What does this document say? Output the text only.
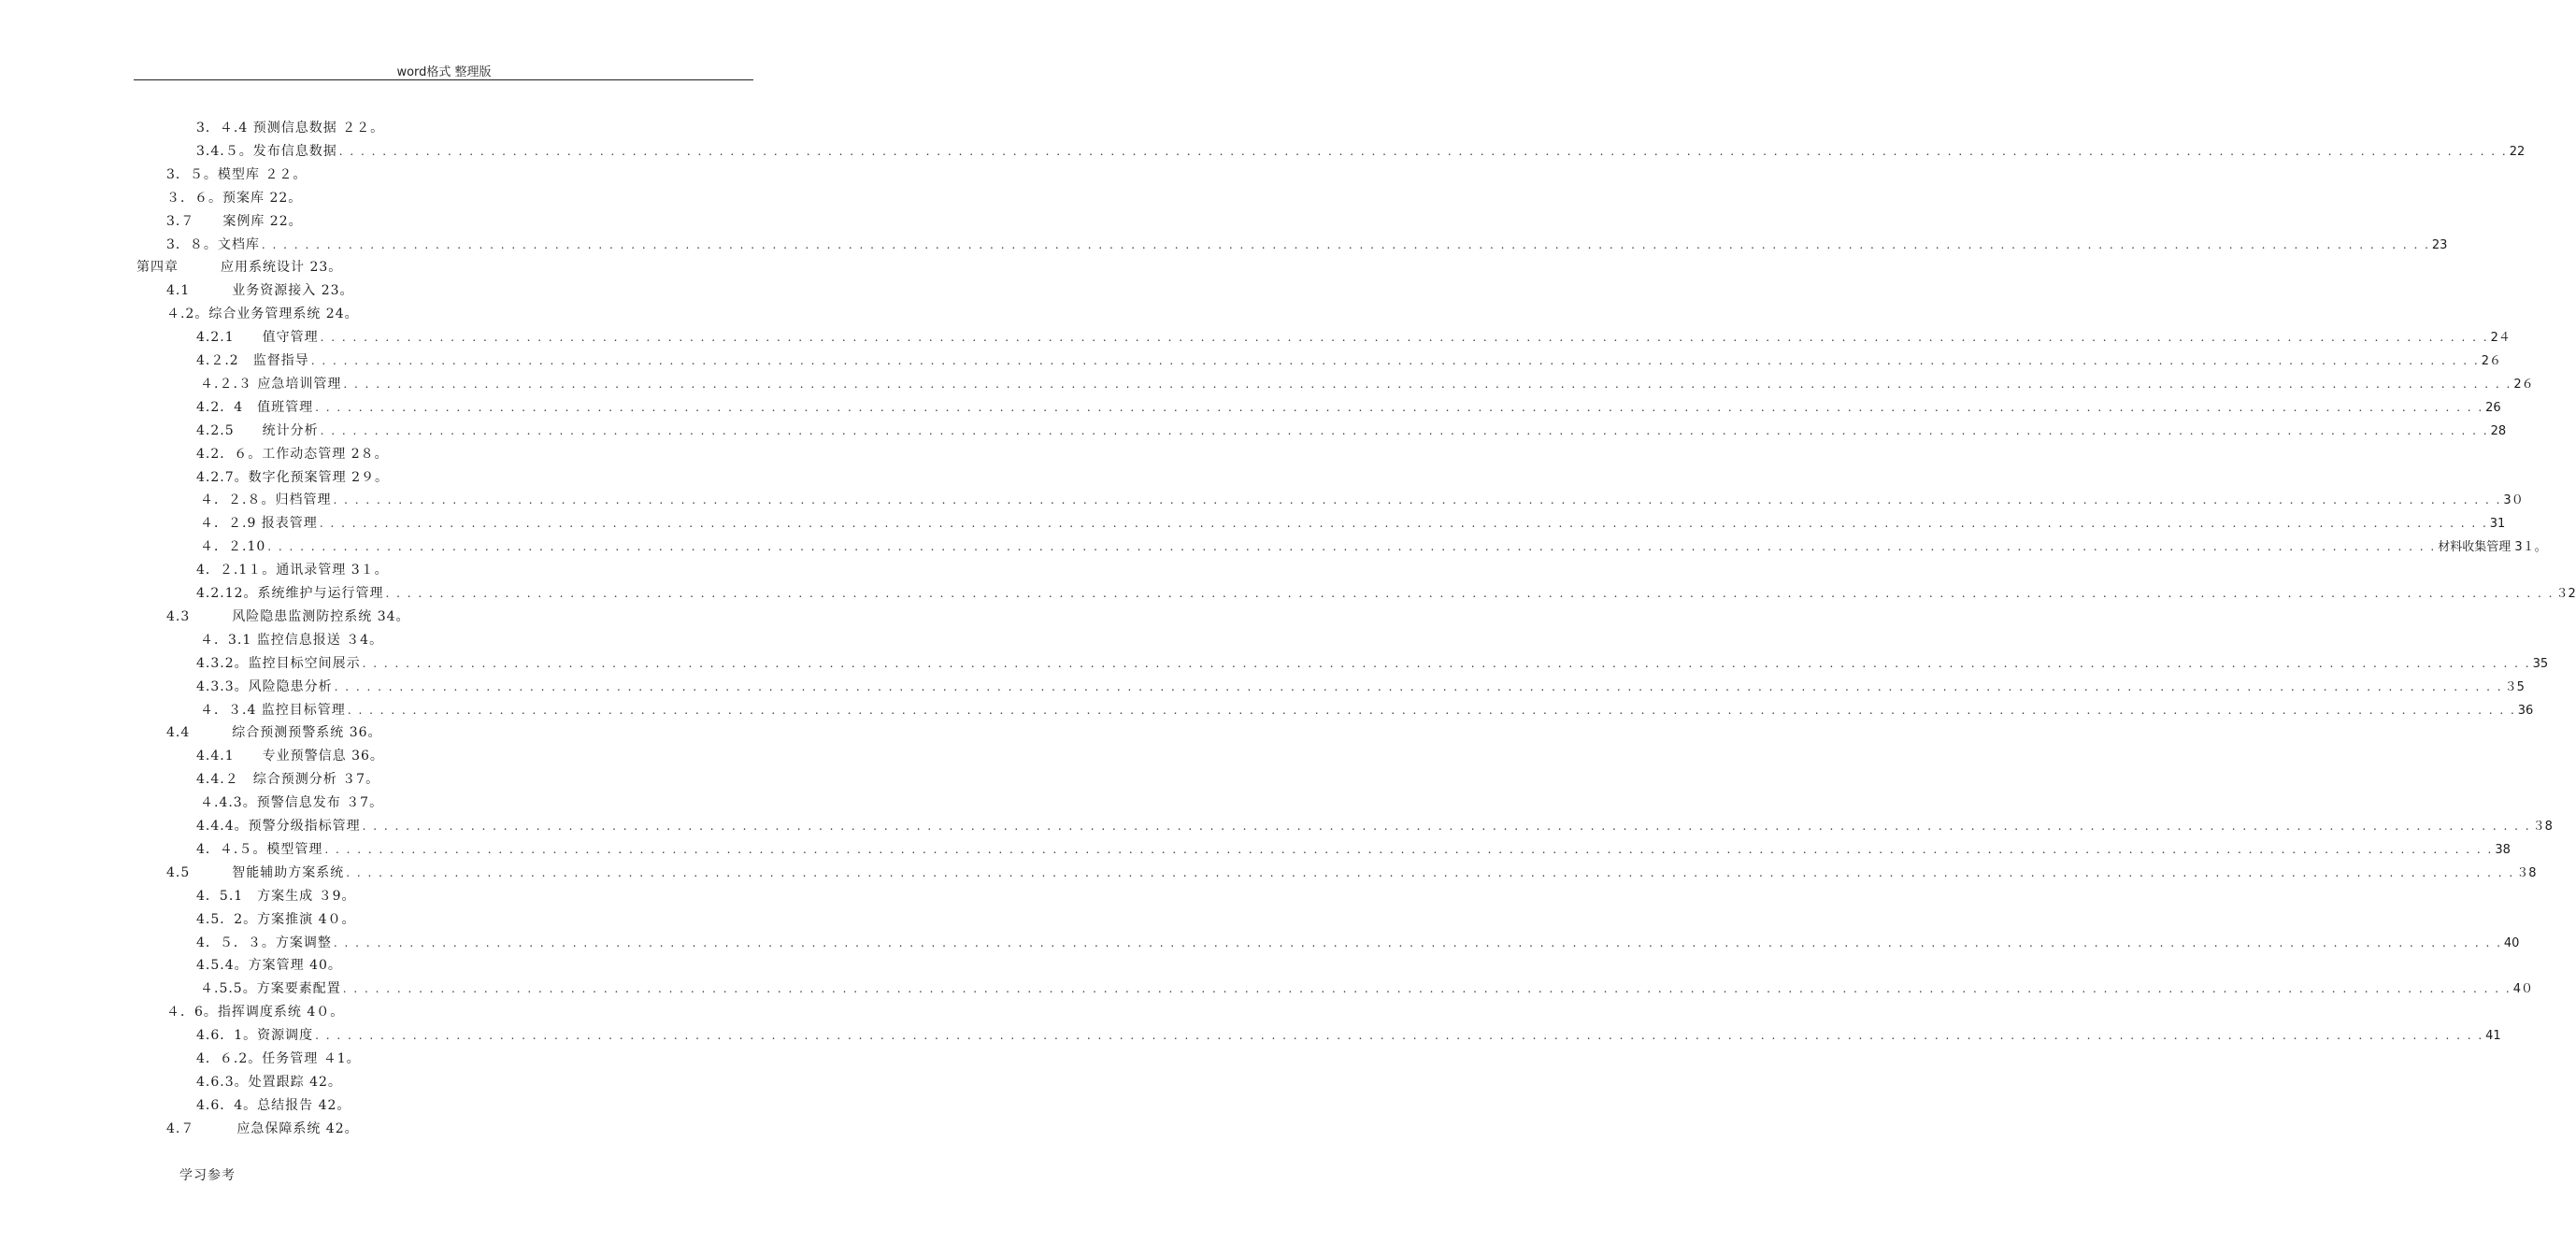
word格式 整理版
3．４.4 预测信息数据 ２２。
3.4.５。发布信息数据 . . . . . . . . . . . . . . . . . . . . . . . . . . . . . . . . . . . . . . . . . . . . . . . . . . . . . . . . . . . . . . . . . . . . . . . . . . . . . . . . . . . . . . . . . . . . . . . . . . . . . . . . . . . . . . . . . . . . . . . . . . . . . . . . . . . . . . . . . . . . . . . . . . . . . . . . . . . . . . . . . . . . . . . . . . . . . . . . . . . . . . . . . . . . . . . . . . . . . . . . 22
3．５。模型库 ２２。
３．６。预案库 22。
3.７　　案例库 22。
3．８。文档库 . . . . . . . . . . . . . . . . . . . . . . . . . . . . . . . . . . . . . . . . . . . . . . . . . . . . . . . . . . . . . . . . . . . . . . . . . . . . . . . . . . . . . . . . . . . . . . . . . . . . . . . . . . . . . . . . . . . . . . . . . . . . . . . . . . . . . . . . . . . . . . . . . . . . . . . . . . . . . . . . . . . . . . . . . . . . . . . . . . . . . . . . . . . . . . . . . . . . . . . . 23
第四章　　　应用系统设计 23。
4.1　　　业务资源接入 23。
４.2。综合业务管理系统 24。
4.2.1　　值守管理 . . . . . . . . . . . . . . . . . . . . . . . . . . . . . . . . . . . . . . . . . . . . . . . . . . . . . . . . . . . . . . . . . . . . . . . . . . . . . . . . . . . . . . . . . . . . . . . . . . . . . . . . . . . . . . . . . . . . . . . . . . . . . . . . . . . . . . . . . . . . . . . . . . . . . . . . . . . . . . . . . . . . . . . . . . . . . . . . . . . . . . . . . . . . . . . . . . . . . . . . 2４
4.２.2　监督指导 . . . . . . . . . . . . . . . . . . . . . . . . . . . . . . . . . . . . . . . . . . . . . . . . . . . . . . . . . . . . . . . . . . . . . . . . . . . . . . . . . . . . . . . . . . . . . . . . . . . . . . . . . . . . . . . . . . . . . . . . . . . . . . . . . . . . . . . . . . . . . . . . . . . . . . . . . . . . . . . . . . . . . . . . . . . . . . . . . . . . . . . . . . . . . . . . . . . . . . . . 2６
４.２.３ 应急培训管理 . . . . . . . . . . . . . . . . . . . . . . . . . . . . . . . . . . . . . . . . . . . . . . . . . . . . . . . . . . . . . . . . . . . . . . . . . . . . . . . . . . . . . . . . . . . . . . . . . . . . . . . . . . . . . . . . . . . . . . . . . . . . . . . . . . . . . . . . . . . . . . . . . . . . . . . . . . . . . . . . . . . . . . . . . . . . . . . . . . . . . . . . . . . . . . . . . . . . . . . . 2６
4.2．4　值班管理 . . . . . . . . . . . . . . . . . . . . . . . . . . . . . . . . . . . . . . . . . . . . . . . . . . . . . . . . . . . . . . . . . . . . . . . . . . . . . . . . . . . . . . . . . . . . . . . . . . . . . . . . . . . . . . . . . . . . . . . . . . . . . . . . . . . . . . . . . . . . . . . . . . . . . . . . . . . . . . . . . . . . . . . . . . . . . . . . . . . . . . . . . . . . . . . . . . . . . . . . 26
4.2.5　　统计分析 . . . . . . . . . . . . . . . . . . . . . . . . . . . . . . . . . . . . . . . . . . . . . . . . . . . . . . . . . . . . . . . . . . . . . . . . . . . . . . . . . . . . . . . . . . . . . . . . . . . . . . . . . . . . . . . . . . . . . . . . . . . . . . . . . . . . . . . . . . . . . . . . . . . . . . . . . . . . . . . . . . . . . . . . . . . . . . . . . . . . . . . . . . . . . . . . . . . . . . . . 28
4.2．６。工作动态管理 2８。
4.2.7。数字化预案管理 2９。
４．２.８。归档管理 . . . . . . . . . . . . . . . . . . . . . . . . . . . . . . . . . . . . . . . . . . . . . . . . . . . . . . . . . . . . . . . . . . . . . . . . . . . . . . . . . . . . . . . . . . . . . . . . . . . . . . . . . . . . . . . . . . . . . . . . . . . . . . . . . . . . . . . . . . . . . . . . . . . . . . . . . . . . . . . . . . . . . . . . . . . . . . . . . . . . . . . . . . . . . . . . . . . . . . . . 3０
４．２.9 报表管理 . . . . . . . . . . . . . . . . . . . . . . . . . . . . . . . . . . . . . . . . . . . . . . . . . . . . . . . . . . . . . . . . . . . . . . . . . . . . . . . . . . . . . . . . . . . . . . . . . . . . . . . . . . . . . . . . . . . . . . . . . . . . . . . . . . . . . . . . . . . . . . . . . . . . . . . . . . . . . . . . . . . . . . . . . . . . . . . . . . . . . . . . . . . . . . . . . . . . . . . . 31
４．２.10 . . . . . . . . . . . . . . . . . . . . . . . . . . . . . . . . . . . . . . . . . . . . . . . . . . . . . . . . . . . . . . . . . . . . . . . . . . . . . . . . . . . . . . . . . . . . . . . . . . . . . . . . . . . . . . . . . . . . . . . . . . . . . . . . . . . . . . . . . . . . . . . . . . . . . . . . . . . . . . . . . . . . . . . . . . . . . . . . . . . . . . . . . . . . . . . . . . . . . . . . 材料收集管理 3１。
4．２.1１。通讯录管理 3１。
4.2.12。系统维护与运行管理 . . . . . . . . . . . . . . . . . . . . . . . . . . . . . . . . . . . . . . . . . . . . . . . . . . . . . . . . . . . . . . . . . . . . . . . . . . . . . . . . . . . . . . . . . . . . . . . . . . . . . . . . . . . . . . . . . . . . . . . . . . . . . . . . . . . . . . . . . . . . . . . . . . . . . . . . . . . . . . . . . . . . . . . . . . . . . . . . . . . . . . . . . . . . . . . . . . . . . . . . ３2
4.3　　　风险隐患监测防控系统 34。
４．3.1 监控信息报送 ３4。
4.3.2。监控目标空间展示 . . . . . . . . . . . . . . . . . . . . . . . . . . . . . . . . . . . . . . . . . . . . . . . . . . . . . . . . . . . . . . . . . . . . . . . . . . . . . . . . . . . . . . . . . . . . . . . . . . . . . . . . . . . . . . . . . . . . . . . . . . . . . . . . . . . . . . . . . . . . . . . . . . . . . . . . . . . . . . . . . . . . . . . . . . . . . . . . . . . . . . . . . . . . . . . . . . . . . . . . 35
4.3.3。风险隐患分析 . . . . . . . . . . . . . . . . . . . . . . . . . . . . . . . . . . . . . . . . . . . . . . . . . . . . . . . . . . . . . . . . . . . . . . . . . . . . . . . . . . . . . . . . . . . . . . . . . . . . . . . . . . . . . . . . . . . . . . . . . . . . . . . . . . . . . . . . . . . . . . . . . . . . . . . . . . . . . . . . . . . . . . . . . . . . . . . . . . . . . . . . . . . . . . . . . . . . . . . . ３5
４．３.4 监控目标管理 . . . . . . . . . . . . . . . . . . . . . . . . . . . . . . . . . . . . . . . . . . . . . . . . . . . . . . . . . . . . . . . . . . . . . . . . . . . . . . . . . . . . . . . . . . . . . . . . . . . . . . . . . . . . . . . . . . . . . . . . . . . . . . . . . . . . . . . . . . . . . . . . . . . . . . . . . . . . . . . . . . . . . . . . . . . . . . . . . . . . . . . . . . . . . . . . . . . . . . . . 36
4.4　　　综合预测预警系统 36。
4.4.1　　专业预警信息 36。
4.4.２　综合预测分析 ３7。
４.4.3。预警信息发布 ３7。
4.4.4。预警分级指标管理 . . . . . . . . . . . . . . . . . . . . . . . . . . . . . . . . . . . . . . . . . . . . . . . . . . . . . . . . . . . . . . . . . . . . . . . . . . . . . . . . . . . . . . . . . . . . . . . . . . . . . . . . . . . . . . . . . . . . . . . . . . . . . . . . . . . . . . . . . . . . . . . . . . . . . . . . . . . . . . . . . . . . . . . . . . . . . . . . . . . . . . . . . . . . . . . . . . . . . . . . ３8
4．４.５。模型管理 . . . . . . . . . . . . . . . . . . . . . . . . . . . . . . . . . . . . . . . . . . . . . . . . . . . . . . . . . . . . . . . . . . . . . . . . . . . . . . . . . . . . . . . . . . . . . . . . . . . . . . . . . . . . . . . . . . . . . . . . . . . . . . . . . . . . . . . . . . . . . . . . . . . . . . . . . . . . . . . . . . . . . . . . . . . . . . . . . . . . . . . . . . . . . . . . . . . . . . . . 38
4.5　　　智能辅助方案系统 . . . . . . . . . . . . . . . . . . . . . . . . . . . . . . . . . . . . . . . . . . . . . . . . . . . . . . . . . . . . . . . . . . . . . . . . . . . . . . . . . . . . . . . . . . . . . . . . . . . . . . . . . . . . . . . . . . . . . . . . . . . . . . . . . . . . . . . . . . . . . . . . . . . . . . . . . . . . . . . . . . . . . . . . . . . . . . . . . . . . . . . . . . . . . . . . . . . . . . . . ３8
4．5.1　方案生成 ３9。
4.5．2。方案推演 4０。
4．５．３。方案调整 . . . . . . . . . . . . . . . . . . . . . . . . . . . . . . . . . . . . . . . . . . . . . . . . . . . . . . . . . . . . . . . . . . . . . . . . . . . . . . . . . . . . . . . . . . . . . . . . . . . . . . . . . . . . . . . . . . . . . . . . . . . . . . . . . . . . . . . . . . . . . . . . . . . . . . . . . . . . . . . . . . . . . . . . . . . . . . . . . . . . . . . . . . . . . . . . . . . . . . . . 40
4.5.4。方案管理 40。
４.5.5。方案要素配置 . . . . . . . . . . . . . . . . . . . . . . . . . . . . . . . . . . . . . . . . . . . . . . . . . . . . . . . . . . . . . . . . . . . . . . . . . . . . . . . . . . . . . . . . . . . . . . . . . . . . . . . . . . . . . . . . . . . . . . . . . . . . . . . . . . . . . . . . . . . . . . . . . . . . . . . . . . . . . . . . . . . . . . . . . . . . . . . . . . . . . . . . . . . . . . . . . . . . . . . . 4０
４．6。指挥调度系统 4０。
4.6．1。资源调度 . . . . . . . . . . . . . . . . . . . . . . . . . . . . . . . . . . . . . . . . . . . . . . . . . . . . . . . . . . . . . . . . . . . . . . . . . . . . . . . . . . . . . . . . . . . . . . . . . . . . . . . . . . . . . . . . . . . . . . . . . . . . . . . . . . . . . . . . . . . . . . . . . . . . . . . . . . . . . . . . . . . . . . . . . . . . . . . . . . . . . . . . . . . . . . . . . . . . . . . . 41
4．６.2。任务管理 ４1。
4.6.3。处置跟踪 42。
4.6．4。总结报告 42。
4.７　　　应急保障系统 42。
学习参考
